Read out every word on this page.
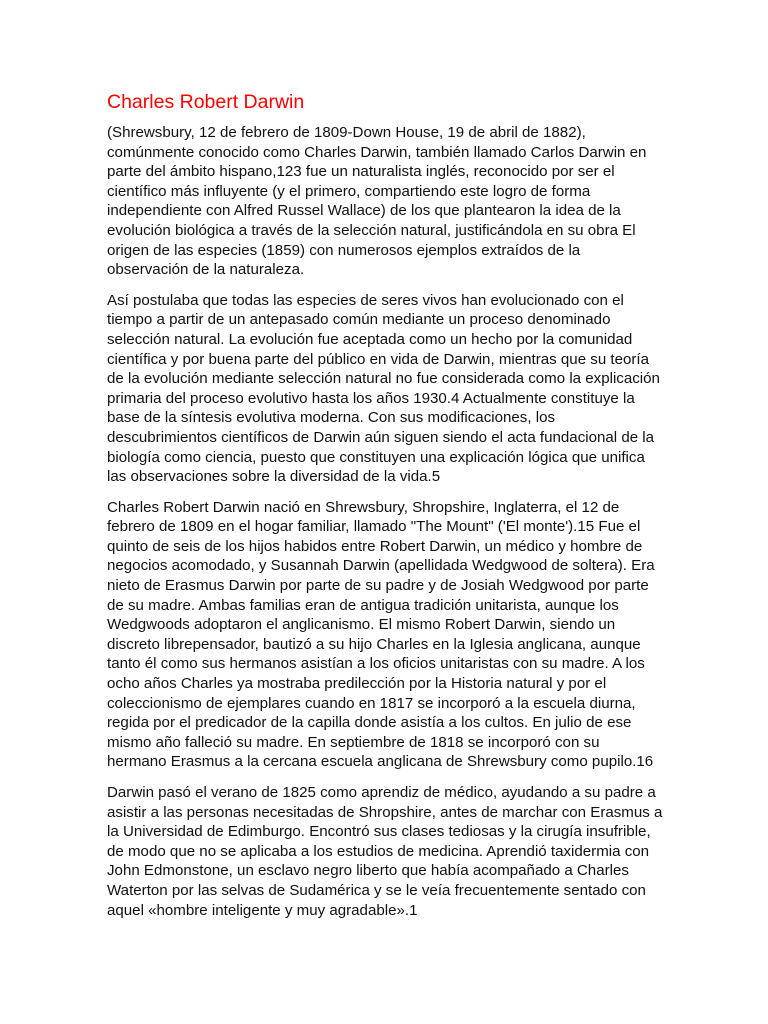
Charles Robert Darwin

(Shrewsbury, 12 de febrero de 1809-Down House, 19 de abril de 1882),
comúnmente conocido como Charles Darwin, también llamado Carlos Darwin en
parte del ámbito hispano,123 fue un naturalista inglés, reconocido por ser el
científico más influyente (y el primero, compartiendo este logro de forma
independiente con Alfred Russel Wallace) de los que plantearon la idea de la
evolución biológica a través de la selección natural, justificándola en su obra El
origen de las especies (1859) con numerosos ejemplos extraídos de la
observación de la naturaleza.

Así postulaba que todas las especies de seres vivos han evolucionado con el
tiempo a partir de un antepasado común mediante un proceso denominado
selección natural. La evolución fue aceptada como un hecho por la comunidad
científica y por buena parte del público en vida de Darwin, mientras que su teoría
de la evolución mediante selección natural no fue considerada como la explicación
primaria del proceso evolutivo hasta los años 1930.4 Actualmente constituye la
base de la síntesis evolutiva moderna. Con sus modificaciones, los
descubrimientos científicos de Darwin aún siguen siendo el acta fundacional de la
biología como ciencia, puesto que constituyen una explicación lógica que unifica
las observaciones sobre la diversidad de la vida.5

Charles Robert Darwin nació en Shrewsbury, Shropshire, Inglaterra, el 12 de
febrero de 1809 en el hogar familiar, llamado "The Mount" ('El monte').15 Fue el
quinto de seis de los hijos habidos entre Robert Darwin, un médico y hombre de
negocios acomodado, y Susannah Darwin (apellidada Wedgwood de soltera). Era
nieto de Erasmus Darwin por parte de su padre y de Josiah Wedgwood por parte
de su madre. Ambas familias eran de antigua tradición unitarista, aunque los
Wedgwoods adoptaron el anglicanismo. El mismo Robert Darwin, siendo un
discreto librepensador, bautizó a su hijo Charles en la Iglesia anglicana, aunque
tanto él como sus hermanos asistían a los oficios unitaristas con su madre. A los
ocho años Charles ya mostraba predilección por la Historia natural y por el
coleccionismo de ejemplares cuando en 1817 se incorporó a la escuela diurna,
regida por el predicador de la capilla donde asistía a los cultos. En julio de ese
mismo año falleció su madre. En septiembre de 1818 se incorporó con su
hermano Erasmus a la cercana escuela anglicana de Shrewsbury como pupilo.16

Darwin pasó el verano de 1825 como aprendiz de médico, ayudando a su padre a
asistir a las personas necesitadas de Shropshire, antes de marchar con Erasmus a
la Universidad de Edimburgo. Encontró sus clases tediosas y la cirugía insufrible,
de modo que no se aplicaba a los estudios de medicina. Aprendió taxidermia con
John Edmonstone, un esclavo negro liberto que había acompañado a Charles
Waterton por las selvas de Sudamérica y se le veía frecuentemente sentado con
aquel «hombre inteligente y muy agradable».1
